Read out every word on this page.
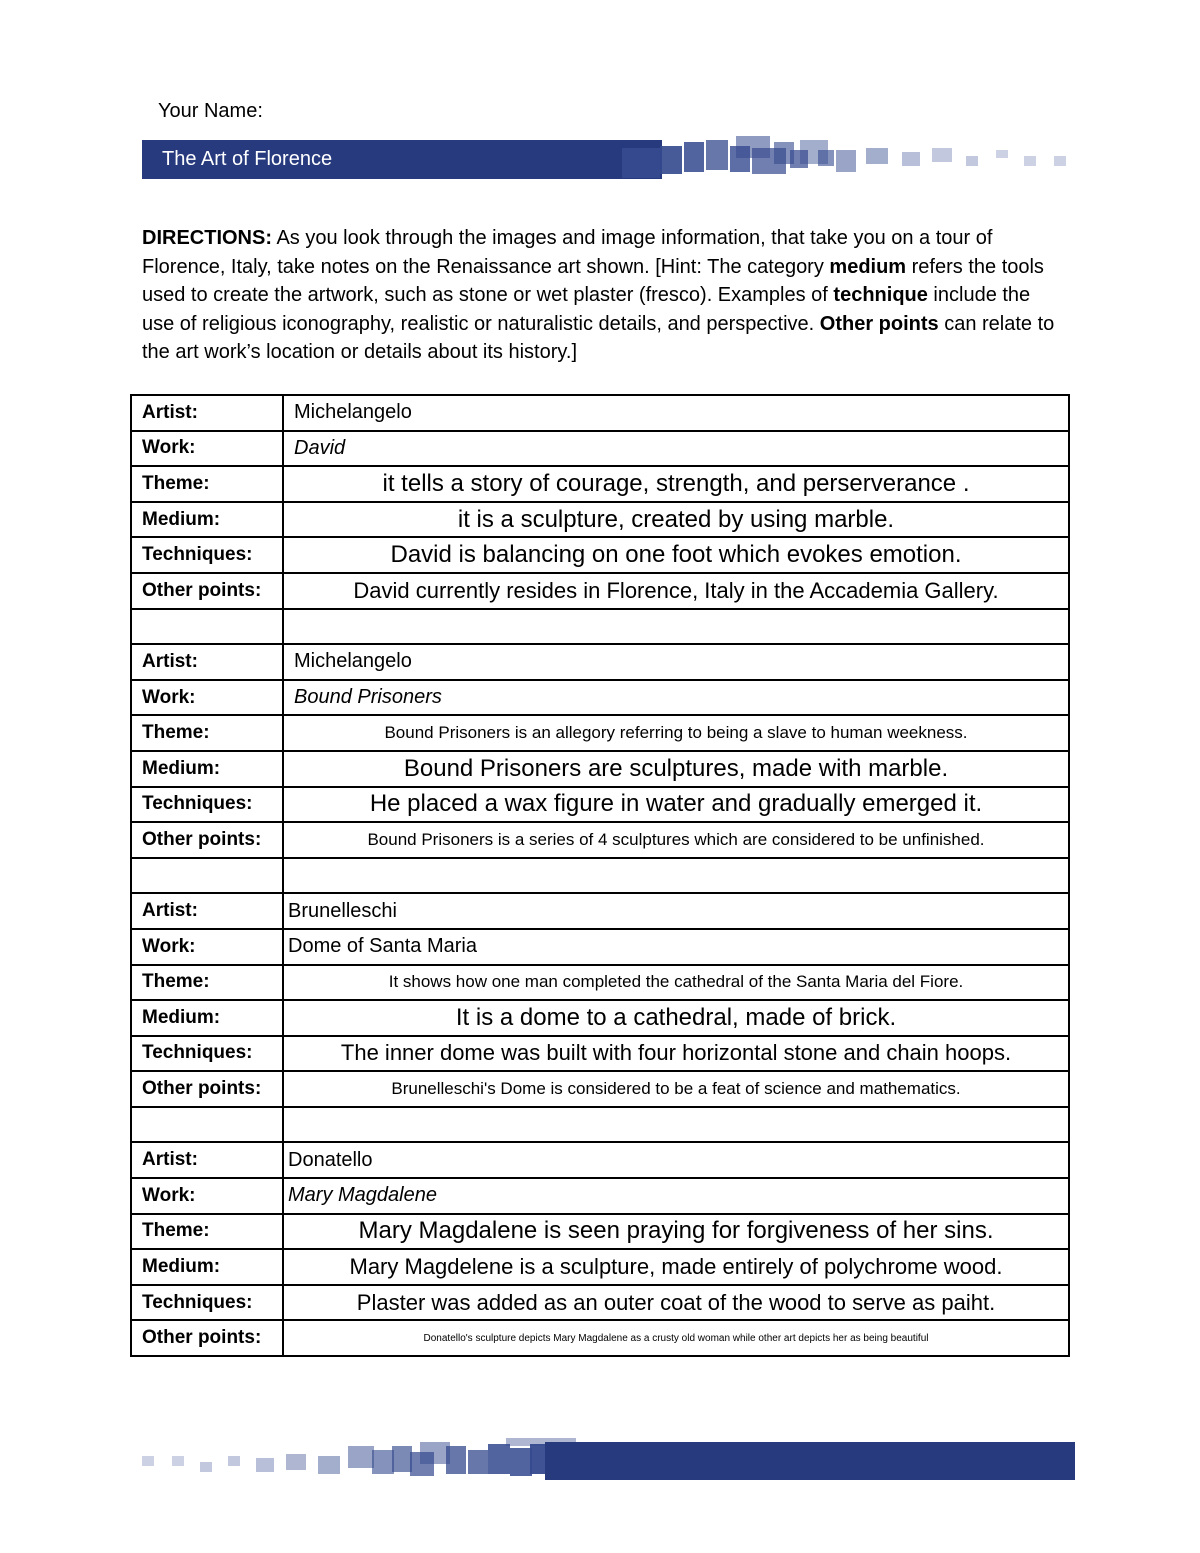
Your Name:
The Art of Florence
DIRECTIONS: As you look through the images and image information, that take you on a tour of Florence, Italy, take notes on the Renaissance art shown. [Hint: The category medium refers the tools used to create the artwork, such as stone or wet plaster (fresco). Examples of technique include the use of religious iconography, realistic or naturalistic details, and perspective. Other points can relate to the art work’s location or details about its history.]
Artist:	Michelangelo
Work:	David
Theme:	it tells a story of courage, strength, and perserverance .
Medium:	it is a sculpture, created by using marble.
Techniques:	David is balancing on one foot which evokes emotion.
Other points:	David currently resides in Florence, Italy in the Accademia Gallery.

Artist:	Michelangelo
Work:	Bound Prisoners
Theme:	Bound Prisoners is an allegory referring to being a slave to human weekness.
Medium:	Bound Prisoners are sculptures, made with marble.
Techniques:	He placed a wax figure in water and gradually emerged it.
Other points:	Bound Prisoners is a series of 4 sculptures which are considered to be unfinished.

Artist:	Brunelleschi
Work:	Dome of Santa Maria
Theme:	It shows how one man completed the cathedral of the Santa Maria del Fiore.
Medium:	It is a dome to a cathedral, made of brick.
Techniques:	The inner dome was built with four horizontal stone and chain hoops.
Other points:	Brunelleschi's Dome is considered to be a feat of science and mathematics.

Artist:	Donatello
Work:	Mary Magdalene
Theme:	Mary Magdalene is seen praying for forgiveness of her sins.
Medium:	Mary Magdelene is a sculpture, made entirely of polychrome wood.
Techniques:	Plaster was added as an outer coat of the wood to serve as paiht.
Other points:	Donatello's sculpture depicts Mary Magdalene as a crusty old woman while other art depicts her as being beautiful
